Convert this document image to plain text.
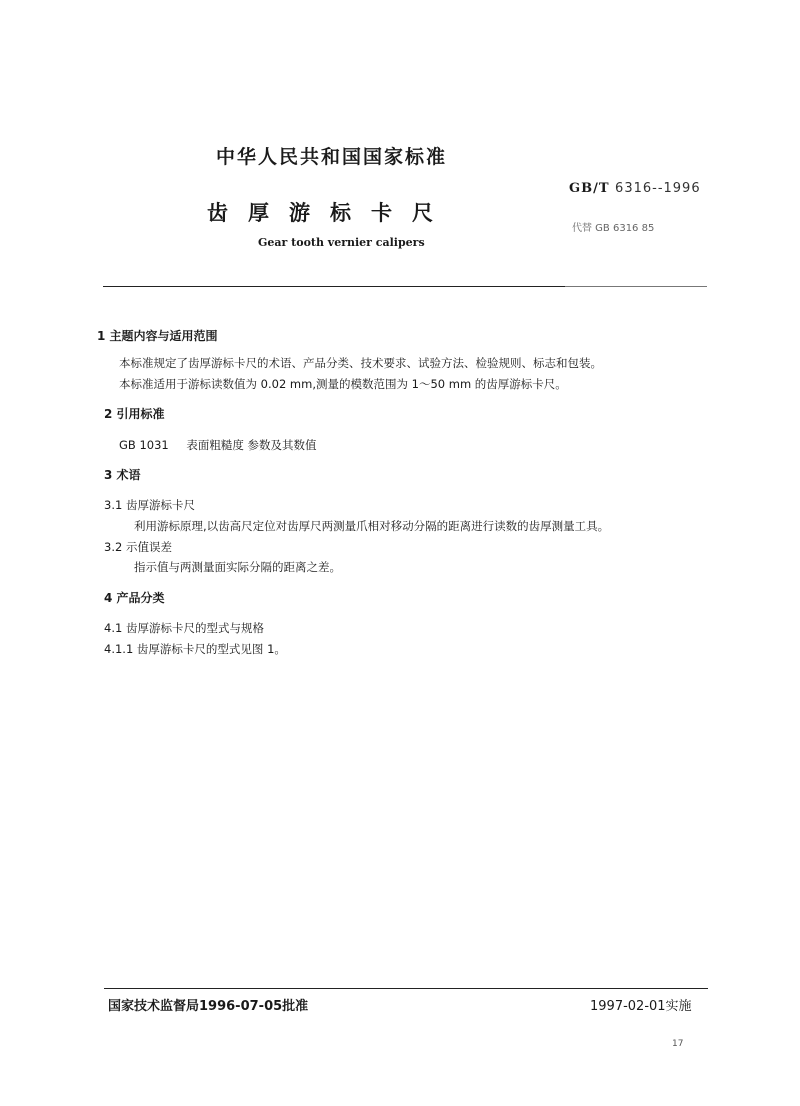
中华人民共和国国家标准
齿 厚 游 标 卡 尺
Gear tooth vernier calipers
GB/T 6316--1996
代替 GB 6316 85
1 主题内容与适用范围
本标准规定了齿厚游标卡尺的术语、产品分类、技术要求、试验方法、检验规则、标志和包装。
本标准适用于游标读数值为 0.02 mm,测量的模数范围为 1～50 mm 的齿厚游标卡尺。
2 引用标准
GB 1031 表面粗糙度 参数及其数值
3 术语
3.1 齿厚游标卡尺
利用游标原理,以齿高尺定位对齿厚尺两测量爪相对移动分隔的距离进行读数的齿厚测量工具。
3.2 示值误差
指示值与两测量面实际分隔的距离之差。
4 产品分类
4.1 齿厚游标卡尺的型式与规格
4.1.1 齿厚游标卡尺的型式见图 1。
国家技术监督局1996-07-05批准	1997-02-01实施
17
